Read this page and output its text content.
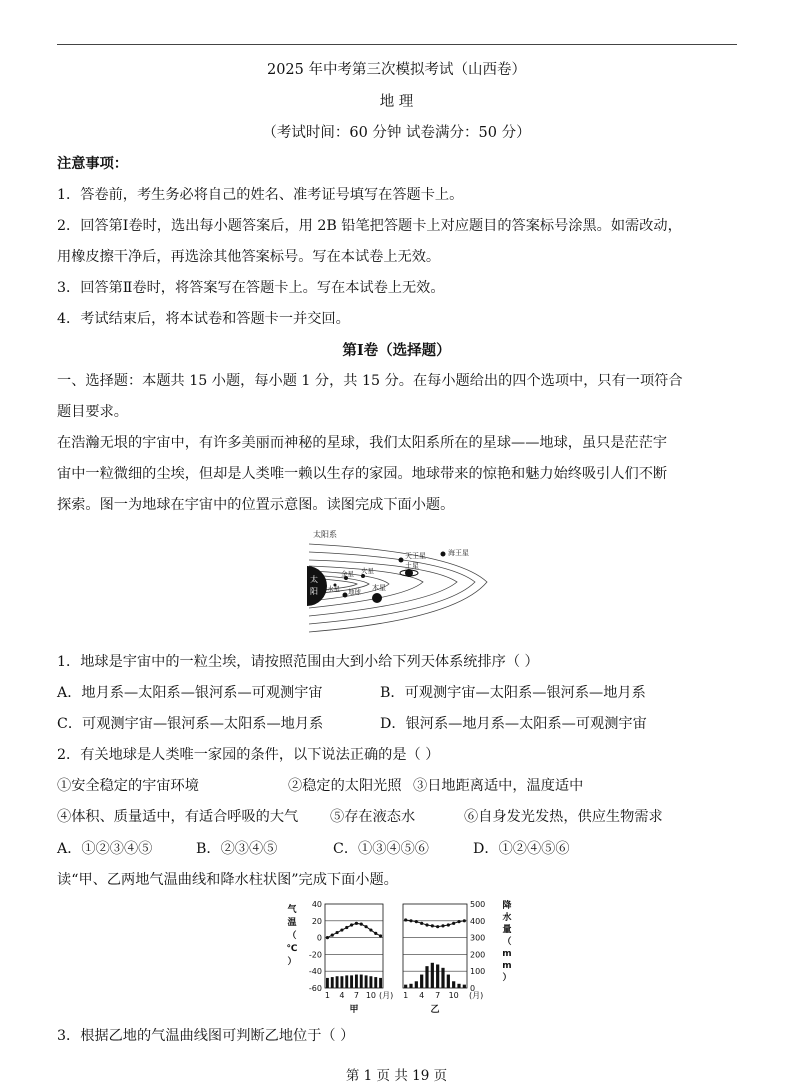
2025 年中考第三次模拟考试（山西卷）
地 理
（考试时间：60 分钟 试卷满分：50 分）
注意事项：
1．答卷前，考生务必将自己的姓名、准考证号填写在答题卡上。
2．回答第Ⅰ卷时，选出每小题答案后，用 2B 铅笔把答题卡上对应题目的答案标号涂黑。如需改动，
用橡皮擦干净后，再选涂其他答案标号。写在本试卷上无效。
3．回答第Ⅱ卷时，将答案写在答题卡上。写在本试卷上无效。
4．考试结束后，将本试卷和答题卡一并交回。
第Ⅰ卷（选择题）
一、选择题：本题共 15 小题，每小题 1 分，共 15 分。在每小题给出的四个选项中，只有一项符合
题目要求。
在浩瀚无垠的宇宙中，有许多美丽而神秘的星球，我们太阳系所在的星球——地球，虽只是茫茫宇
宙中一粒微细的尘埃，但却是人类唯一赖以生存的家园。地球带来的惊艳和魅力始终吸引人们不断
探索。图一为地球在宇宙中的位置示意图。读图完成下面小题。
太阳系
太
阳
天王星	海王星
土星
金星 火星
水星 地球 木星
1．地球是宇宙中的一粒尘埃，请按照范围由大到小给下列天体系统排序（ ）
A．地月系—太阳系—银河系—可观测宇宙	B．可观测宇宙—太阳系—银河系—地月系
C．可观测宇宙—银河系—太阳系—地月系	D．银河系—地月系—太阳系—可观测宇宙
2．有关地球是人类唯一家园的条件，以下说法正确的是（ ）
①安全稳定的宇宙环境	②稳定的太阳光照 ③日地距离适中，温度适中
④体积、质量适中，有适合呼吸的大气 ⑤存在液态水	⑥自身发光发热，供应生物需求
A．①②③④⑤	B．②③④⑤	C．①③④⑤⑥	D．①②④⑤⑥
读“甲、乙两地气温曲线和降水柱状图”完成下面小题。
气
温
（
℃
）
降
水
量
（
m
m
）
40
20
0
-20
-40
-60
500
400
300
200
100
0
1 4 7 10 (月)
甲
1 4 7 10 (月)
乙
3．根据乙地的气温曲线图可判断乙地位于（ ）
第 1 页 共 19 页
